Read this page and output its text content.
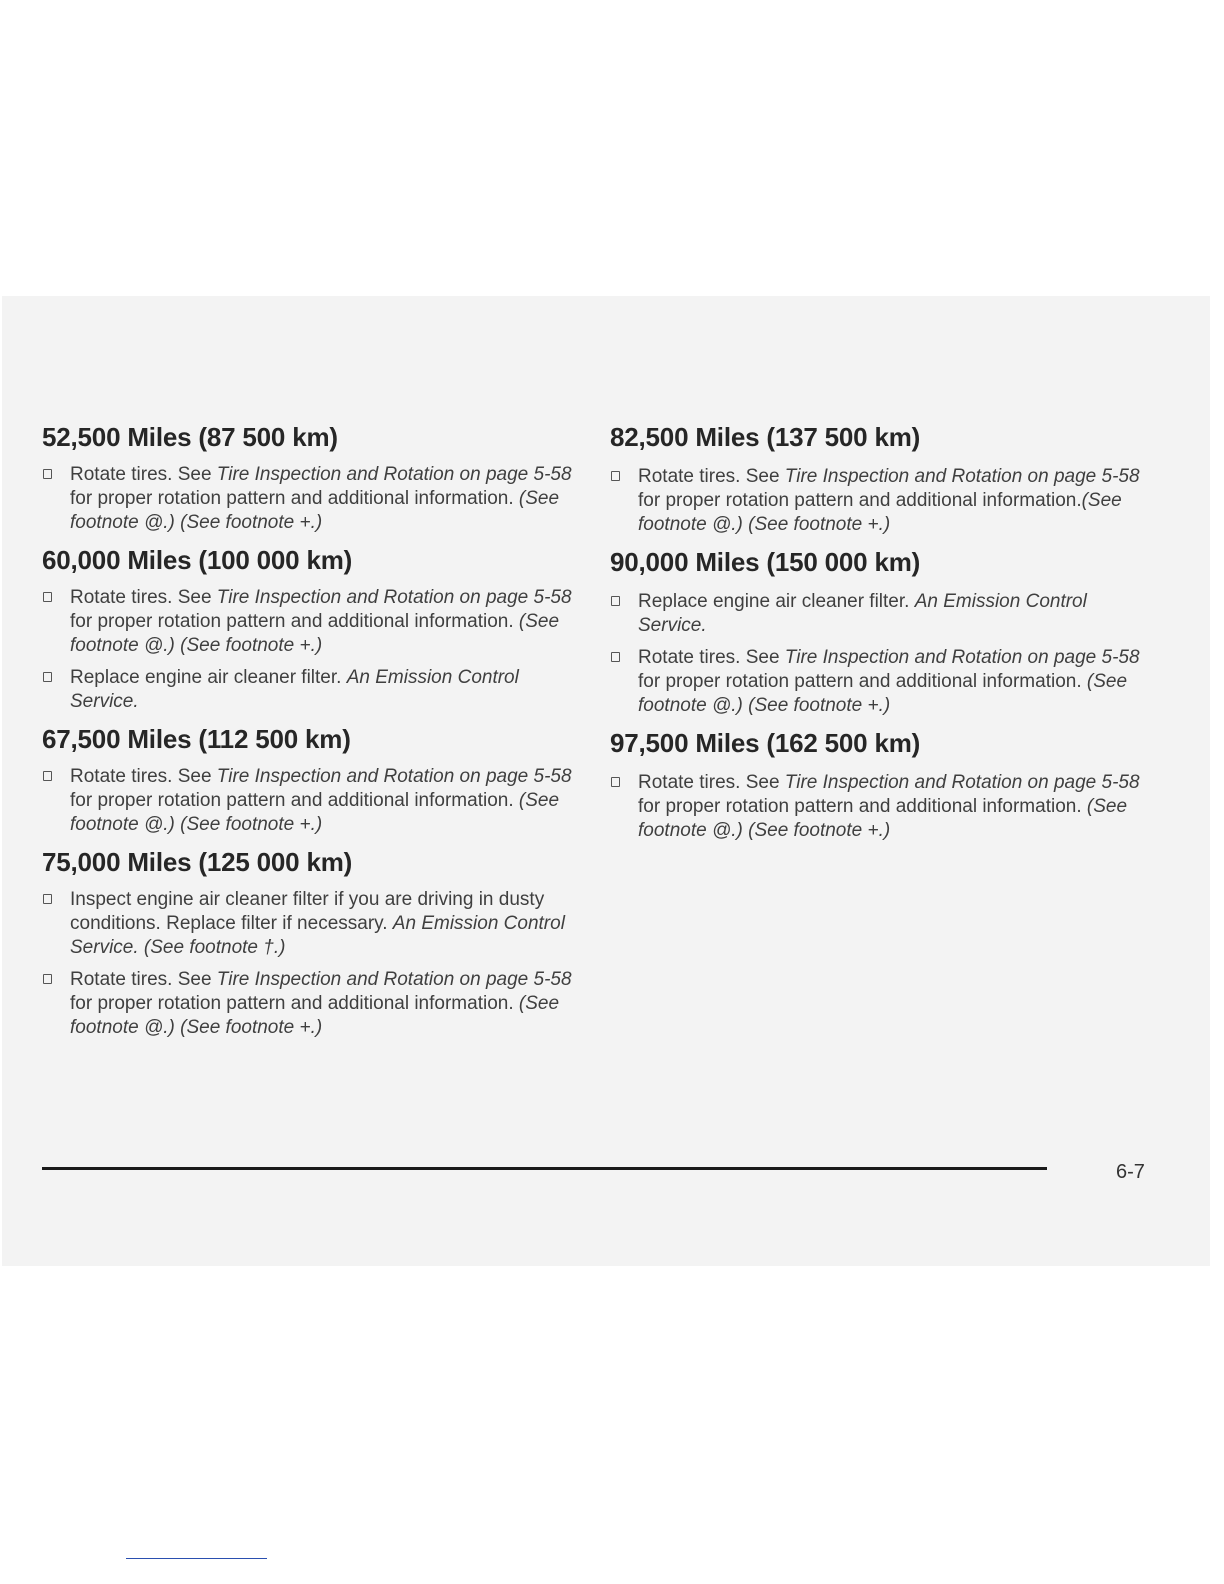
52,500 Miles (87 500 km)
Rotate tires. See Tire Inspection and Rotation on page 5-58 for proper rotation pattern and additional information. (See footnote @.) (See footnote +.)
60,000 Miles (100 000 km)
Rotate tires. See Tire Inspection and Rotation on page 5-58 for proper rotation pattern and additional information. (See footnote @.) (See footnote +.)
Replace engine air cleaner filter. An Emission Control Service.
67,500 Miles (112 500 km)
Rotate tires. See Tire Inspection and Rotation on page 5-58 for proper rotation pattern and additional information. (See footnote @.) (See footnote +.)
75,000 Miles (125 000 km)
Inspect engine air cleaner filter if you are driving in dusty conditions. Replace filter if necessary. An Emission Control Service. (See footnote †.)
Rotate tires. See Tire Inspection and Rotation on page 5-58 for proper rotation pattern and additional information. (See footnote @.) (See footnote +.)
82,500 Miles (137 500 km)
Rotate tires. See Tire Inspection and Rotation on page 5-58 for proper rotation pattern and additional information.(See footnote @.) (See footnote +.)
90,000 Miles (150 000 km)
Replace engine air cleaner filter. An Emission Control Service.
Rotate tires. See Tire Inspection and Rotation on page 5-58 for proper rotation pattern and additional information. (See footnote @.) (See footnote +.)
97,500 Miles (162 500 km)
Rotate tires. See Tire Inspection and Rotation on page 5-58 for proper rotation pattern and additional information. (See footnote @.) (See footnote +.)
6-7
